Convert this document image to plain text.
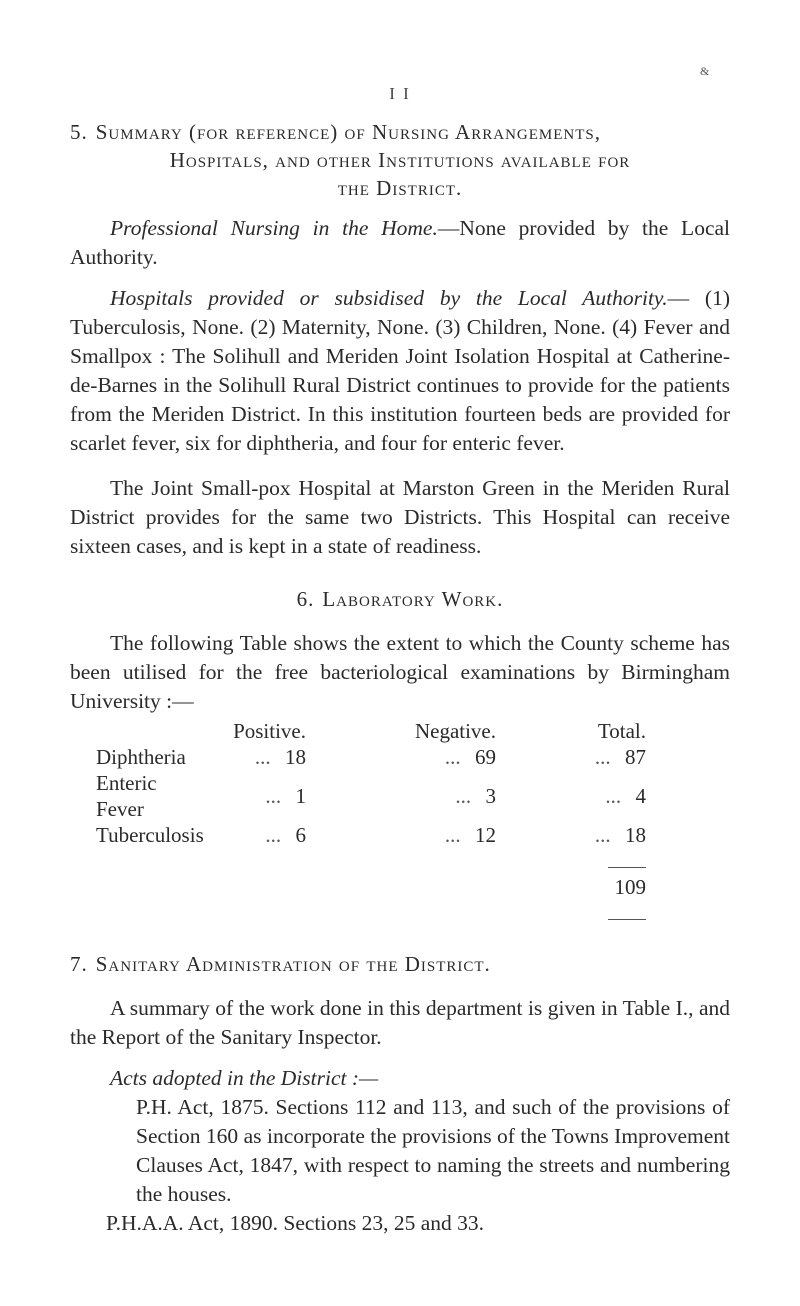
I I
&
5. Summary (for reference) of Nursing Arrangements,
Hospitals, and other Institutions available for
the District.

Professional Nursing in the Home.—None provided by the Local Authority.

Hospitals provided or subsidised by the Local Authority.— (1) Tuberculosis, None. (2) Maternity, None. (3) Children, None. (4) Fever and Smallpox : The Solihull and Meriden Joint Isolation Hospital at Catherine-de-Barnes in the Solihull Rural District continues to provide for the patients from the Meriden District. In this institution fourteen beds are provided for scarlet fever, six for diphtheria, and four for enteric fever.

The Joint Small-pox Hospital at Marston Green in the Meriden Rural District provides for the same two Districts. This Hospital can receive sixteen cases, and is kept in a state of readiness.

6. Laboratory Work.

The following Table shows the extent to which the County scheme has been utilised for the free bacteriological examinations by Birmingham University :—

	Positive.	Negative.	Total.
Diphtheria	... 18	... 69	... 87
Enteric Fever	... 1	... 3	... 4
Tuberculosis	... 6	... 12	... 18

			109

7. Sanitary Administration of the District.

A summary of the work done in this department is given in Table I., and the Report of the Sanitary Inspector.

Acts adopted in the District :—

P.H. Act, 1875. Sections 112 and 113, and such of the provisions of Section 160 as incorporate the provisions of the Towns Improvement Clauses Act, 1847, with respect to naming the streets and numbering the houses.

P.H.A.A. Act, 1890. Sections 23, 25 and 33.
